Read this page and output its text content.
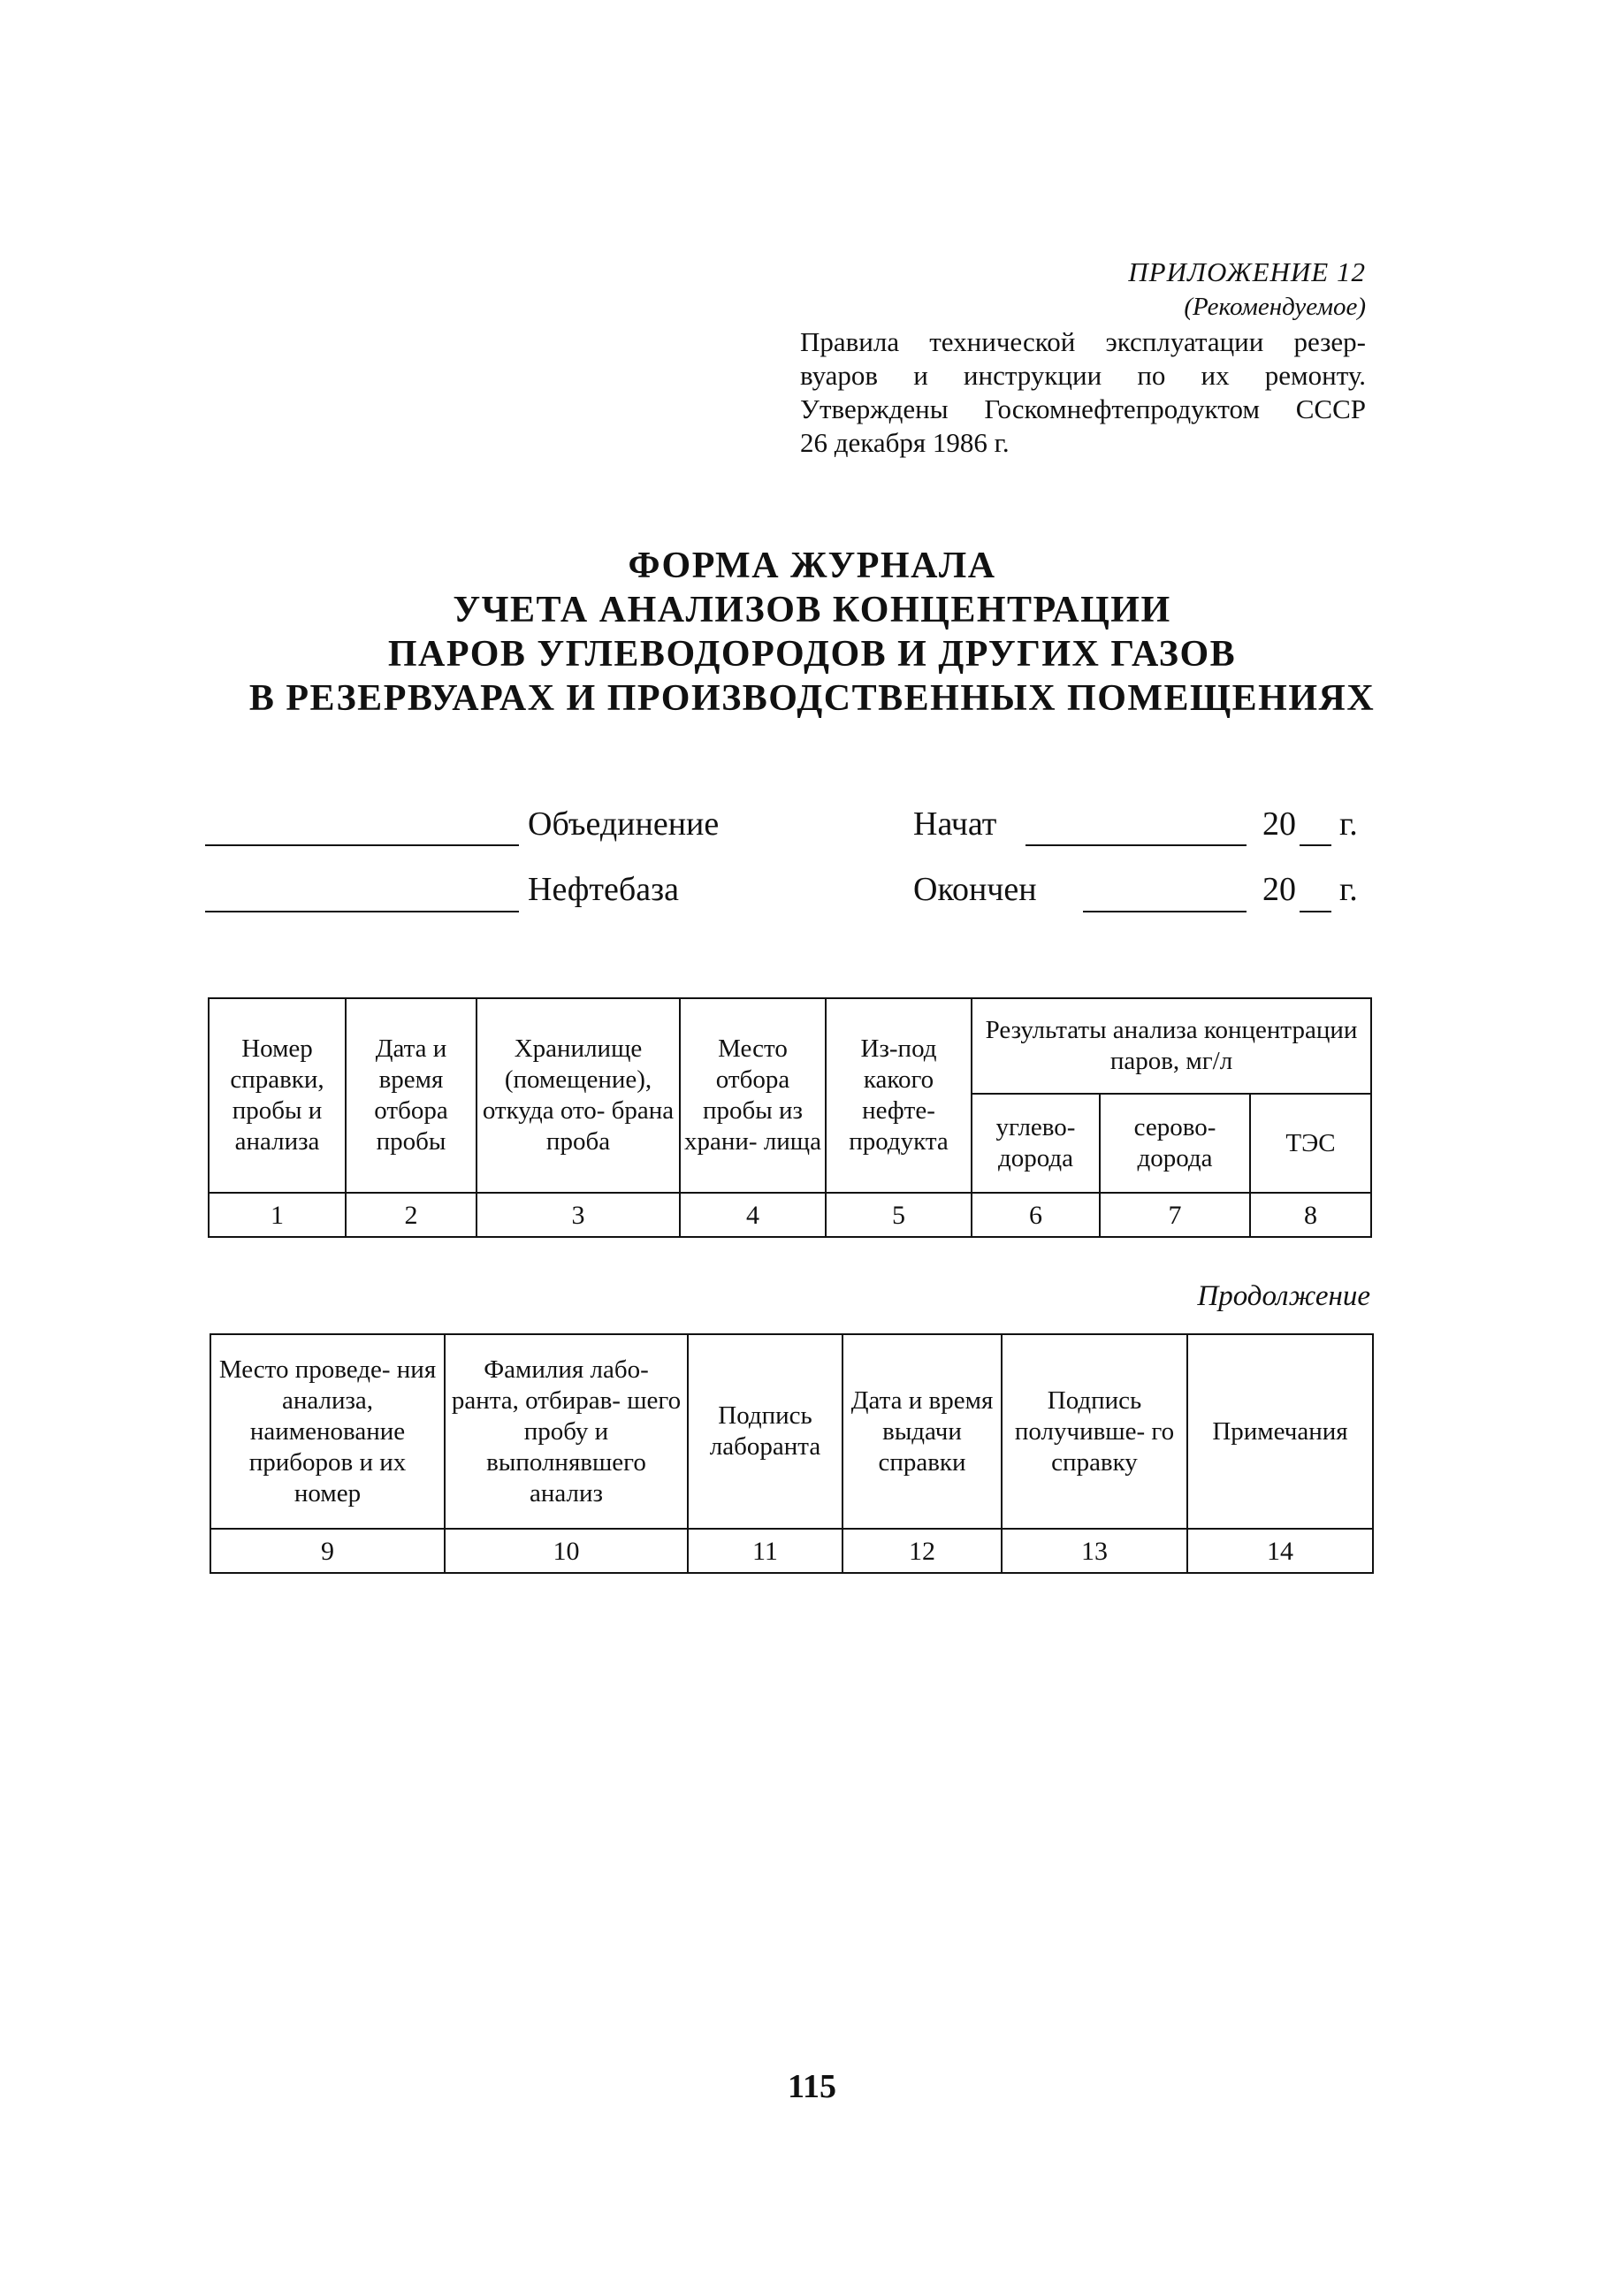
ПРИЛОЖЕНИЕ 12
(Рекомендуемое)
Правила технической эксплуатации резер-
вуаров и инструкции по их ремонту.
Утверждены Госкомнефтепродуктом СССР
26 декабря 1986 г.
ФОРМА ЖУРНАЛА
УЧЕТА АНАЛИЗОВ КОНЦЕНТРАЦИИ
ПАРОВ УГЛЕВОДОРОДОВ И ДРУГИХ ГАЗОВ
В РЕЗЕРВУАРАХ И ПРОИЗВОДСТВЕННЫХ ПОМЕЩЕНИЯХ
Объединение	Начат	20 г.
Нефтебаза	Окончен	20 г.
Номер справки, пробы и анализа	Дата и время отбора пробы	Хранилище (помещение), откуда ото- брана проба	Место отбора пробы из храни- лища	Из-под какого нефте- продукта	Результаты анализа концентрации паров, мг/л		
					углево- дорода	серово- дорода	ТЭС
1	2	3	4	5	6	7	8
Продолжение
Место проведе- ния анализа, наименование приборов и их номер	Фамилия лабо- ранта, отбирав- шего пробу и выполнявшего анализ	Подпись лаборанта	Дата и время выдачи справки	Подпись получивше- го справку	Примечания
9	10	11	12	13	14
115
